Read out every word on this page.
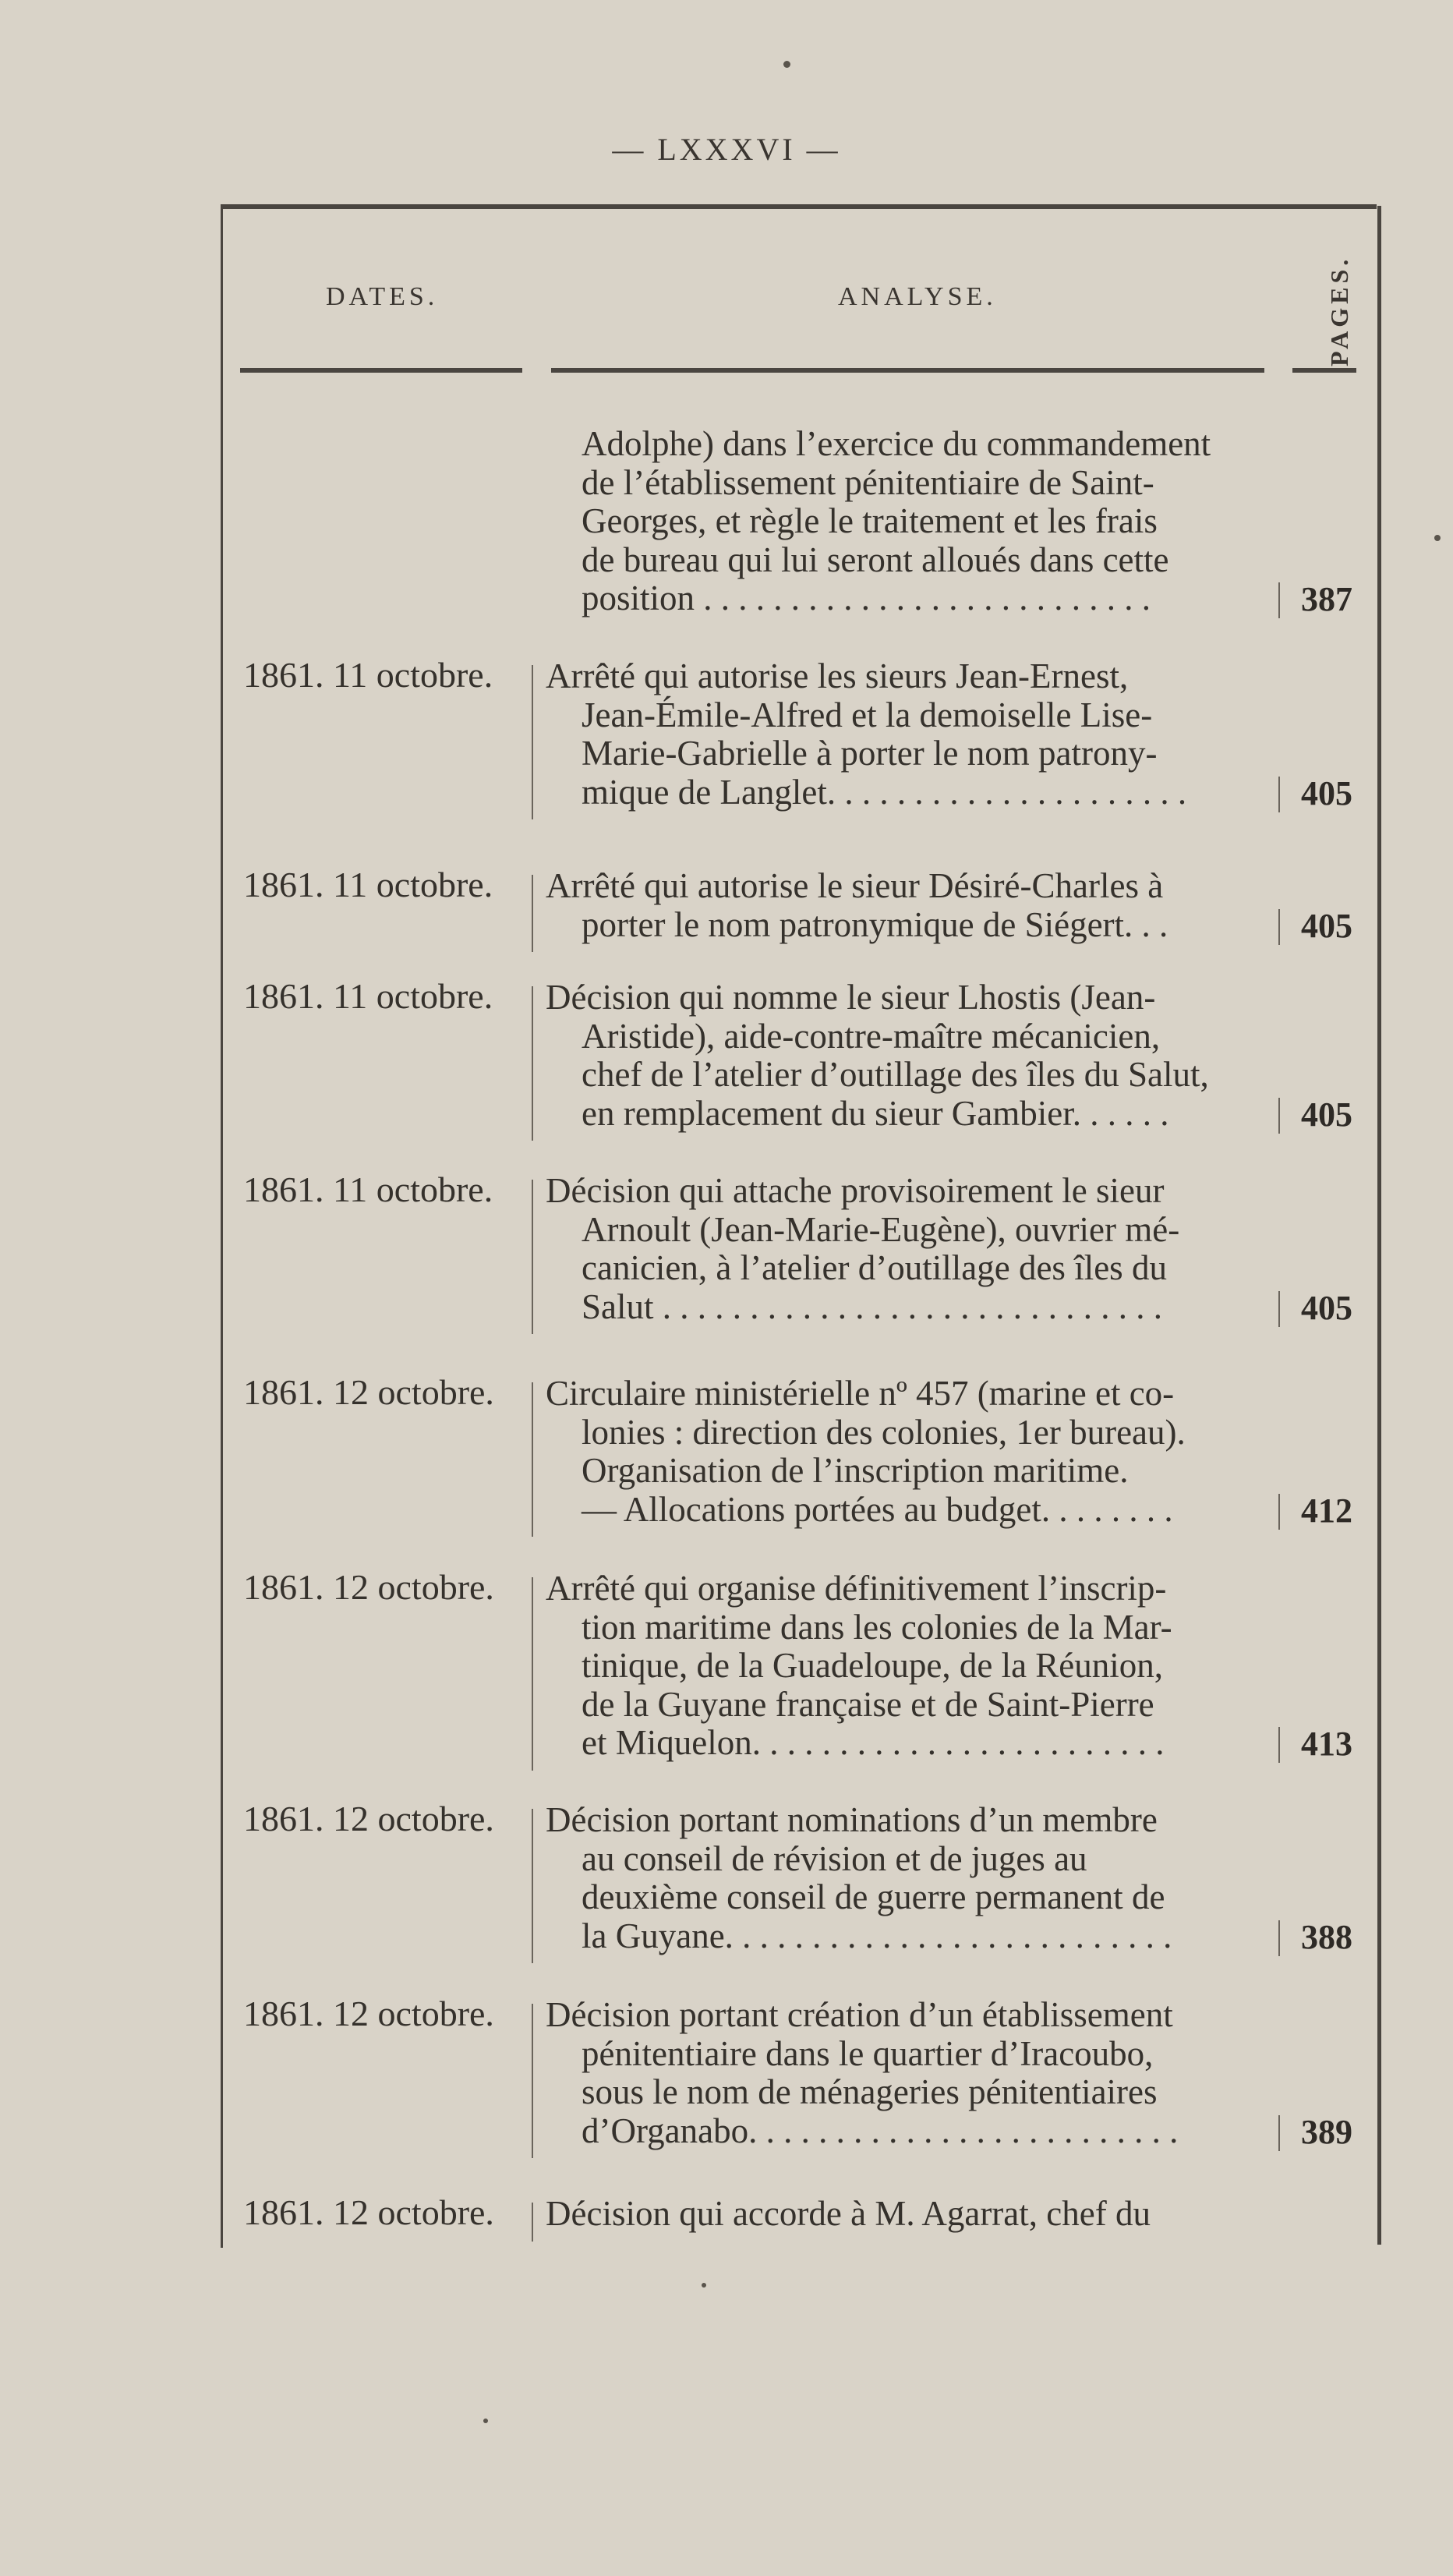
— LXXXVI —
DATES.	ANALYSE.	PAGES.
Adolphe) dans l’exercice du commandement
de l’établissement pénitentiaire de Saint-
Georges, et règle le traitement et les frais
de bureau qui lui seront alloués dans cette
position . . . . . . . . . . . . . . . . . . . . . . . . . .	387
1861. 11 octobre. Arrêté qui autorise les sieurs Jean-Ernest,
Jean-Émile-Alfred et la demoiselle Lise-
Marie-Gabrielle à porter le nom patrony-
mique de Langlet. . . . . . . . . . . . . . . . . . . . .	405
1861. 11 octobre. Arrêté qui autorise le sieur Désiré-Charles à
porter le nom patronymique de Siégert. . .	405
1861. 11 octobre. Décision qui nomme le sieur Lhostis (Jean-
Aristide), aide-contre-maître mécanicien,
chef de l’atelier d’outillage des îles du Salut,
en remplacement du sieur Gambier. . . . . .	405
1861. 11 octobre. Décision qui attache provisoirement le sieur
Arnoult (Jean-Marie-Eugène), ouvrier mé-
canicien, à l’atelier d’outillage des îles du
Salut . . . . . . . . . . . . . . . . . . . . . . . . . . . . .	405
1861. 12 octobre. Circulaire ministérielle nº 457 (marine et co-
lonies : direction des colonies, 1er bureau).
Organisation de l’inscription maritime.
— Allocations portées au budget. . . . . . . .	412
1861. 12 octobre. Arrêté qui organise définitivement l’inscrip-
tion maritime dans les colonies de la Mar-
tinique, de la Guadeloupe, de la Réunion,
de la Guyane française et de Saint-Pierre
et Miquelon. . . . . . . . . . . . . . . . . . . . . . . .	413
1861. 12 octobre. Décision portant nominations d’un membre
au conseil de révision et de juges au
deuxième conseil de guerre permanent de
la Guyane. . . . . . . . . . . . . . . . . . . . . . . . . .	388
1861. 12 octobre. Décision portant création d’un établissement
pénitentiaire dans le quartier d’Iracoubo,
sous le nom de ménageries pénitentiaires
d’Organabo. . . . . . . . . . . . . . . . . . . . . . . . .	389
1861. 12 octobre. Décision qui accorde à M. Agarrat, chef du
